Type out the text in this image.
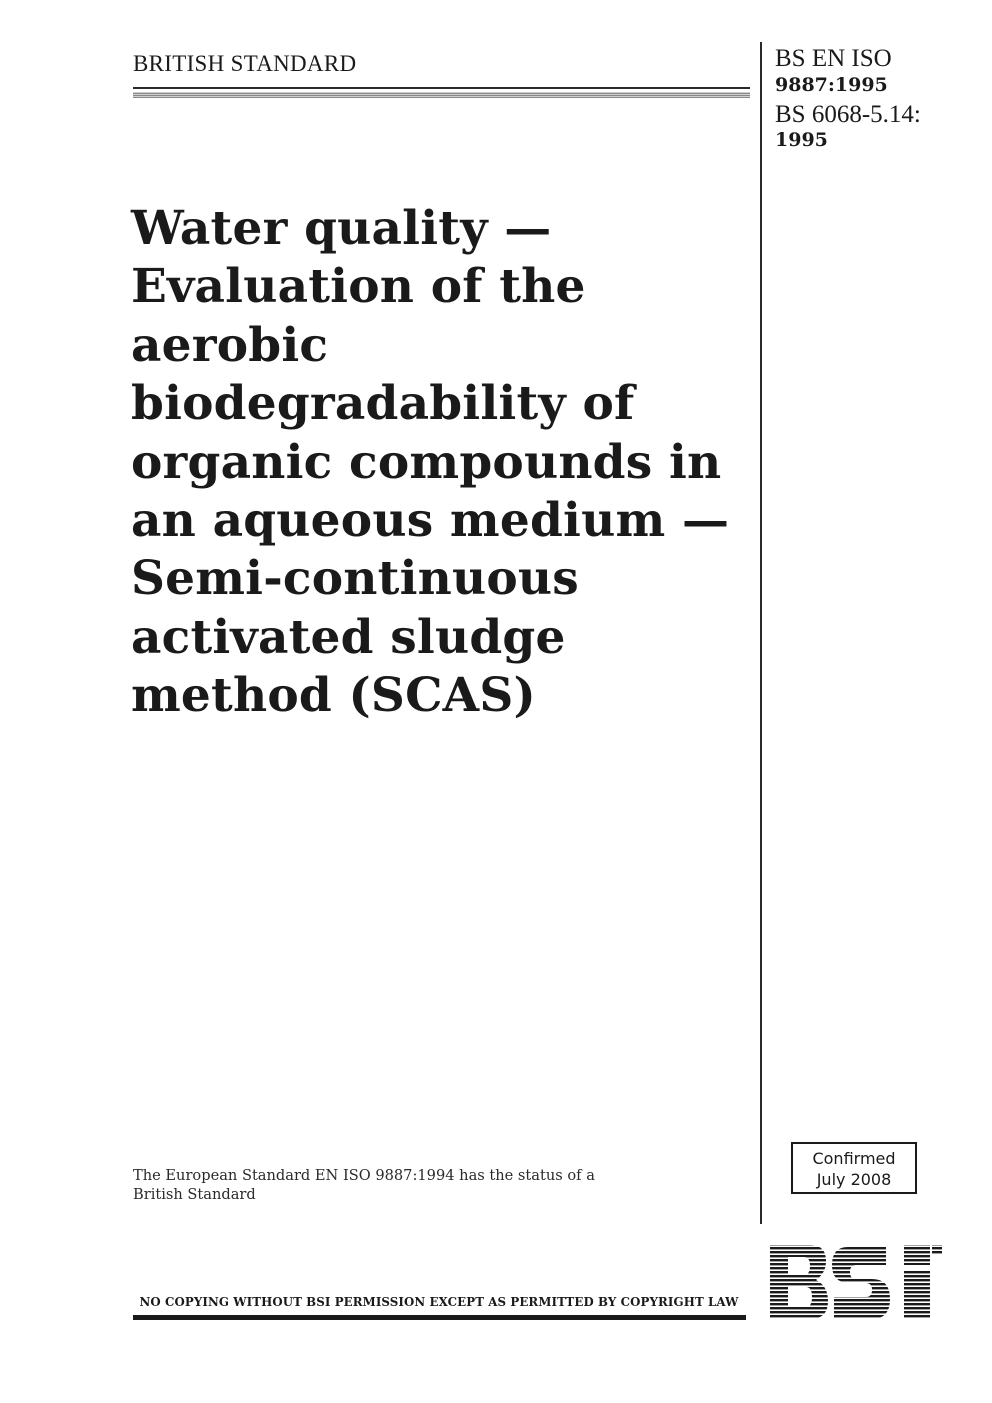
BRITISH STANDARD	BS EN ISO
9887:1995
BS 6068-5.14:
1995
Water quality —
Evaluation of the
aerobic
biodegradability of
organic compounds in
an aqueous medium —
Semi-continuous
activated sludge
method (SCAS)
The European Standard EN ISO 9887:1994 has the status of a
British Standard
Confirmed
July 2008
NO COPYING WITHOUT BSI PERMISSION EXCEPT AS PERMITTED BY COPYRIGHT LAW
